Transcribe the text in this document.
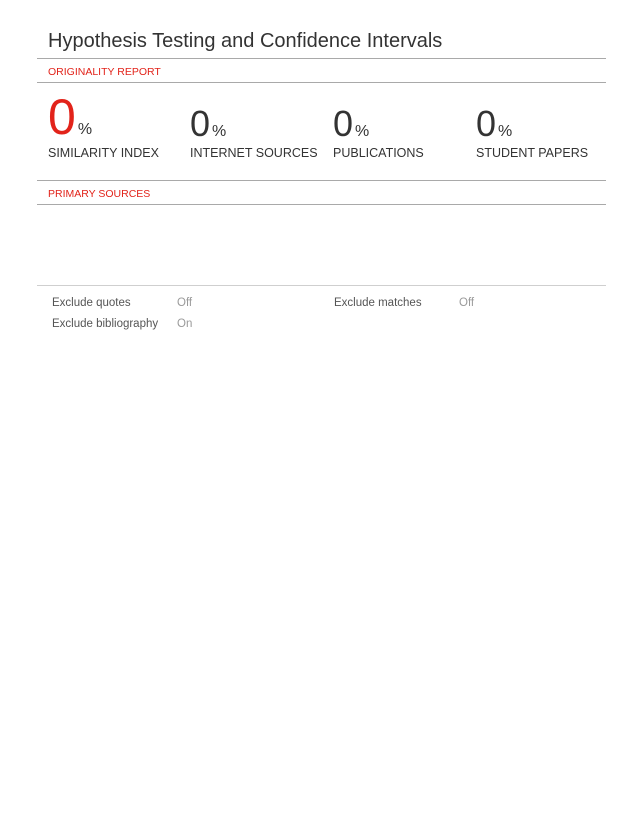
Hypothesis Testing and Confidence Intervals
ORIGINALITY REPORT
0 %
SIMILARITY INDEX
0 %
INTERNET SOURCES
0 %
PUBLICATIONS
0 %
STUDENT PAPERS
PRIMARY SOURCES
Exclude quotes	Off	Exclude matches	Off
Exclude bibliography On
